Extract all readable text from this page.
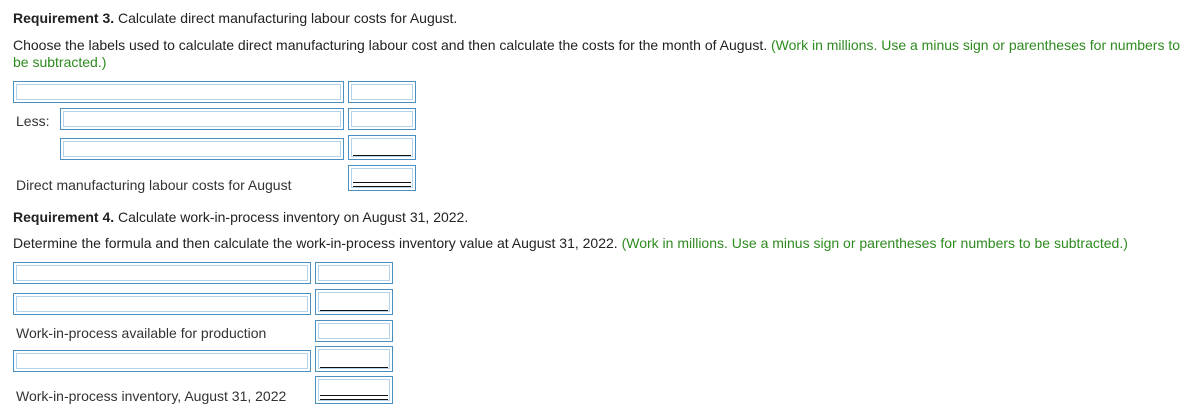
Requirement 3. Calculate direct manufacturing labour costs for August.
Choose the labels used to calculate direct manufacturing labour cost and then calculate the costs for the month of August. (Work in millions. Use a minus sign or parentheses for numbers to be subtracted.)
Less:
Direct manufacturing labour costs for August
Requirement 4. Calculate work-in-process inventory on August 31, 2022.
Determine the formula and then calculate the work-in-process inventory value at August 31, 2022. (Work in millions. Use a minus sign or parentheses for numbers to be subtracted.)
Work-in-process available for production
Work-in-process inventory, August 31, 2022
